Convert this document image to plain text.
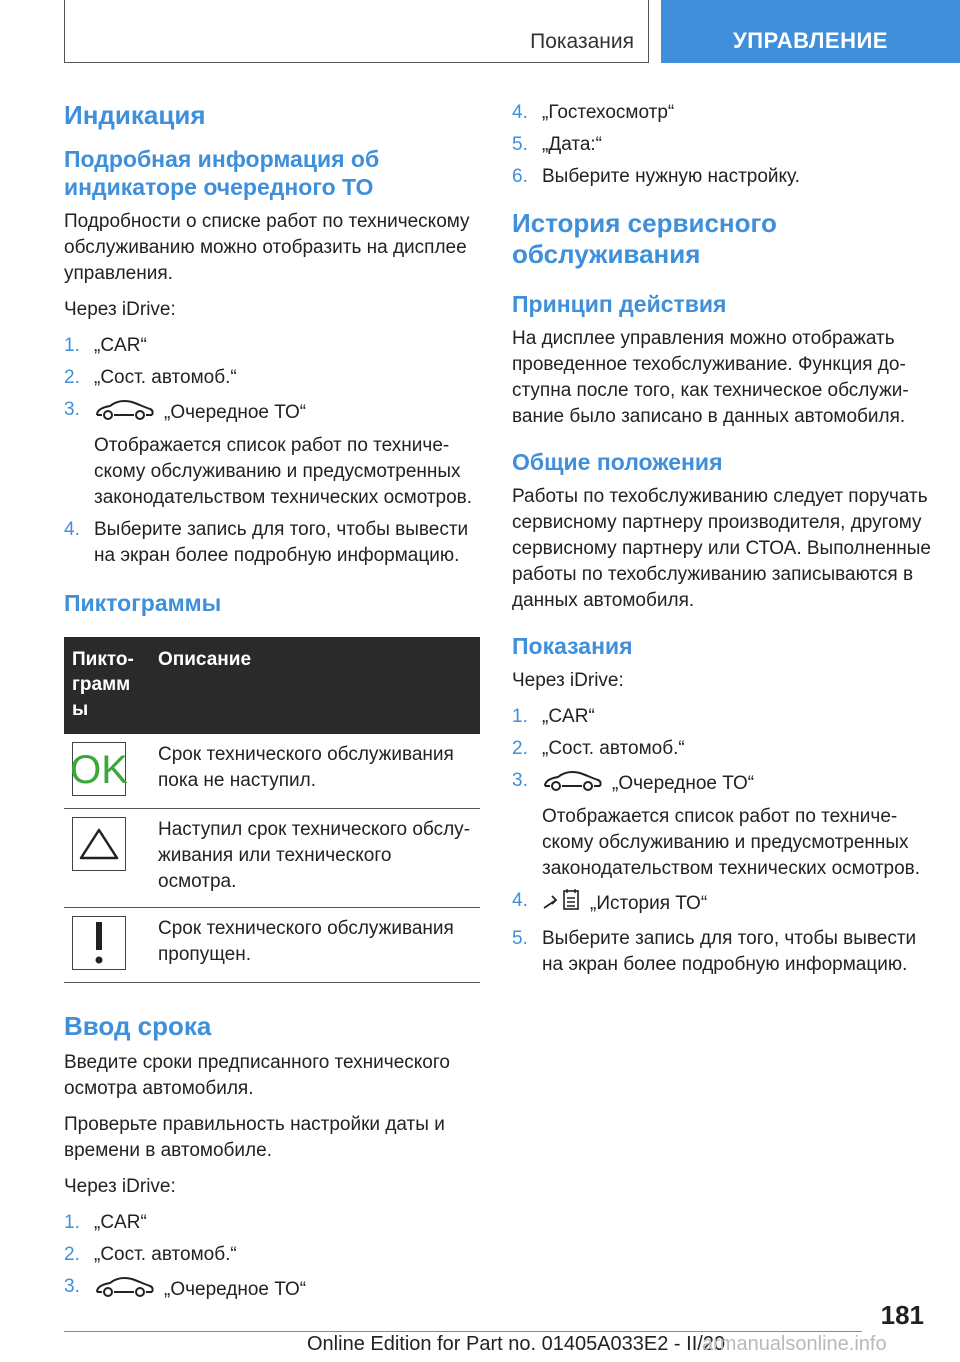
Показания	УПРАВЛЕНИЕ
Индикация
Подробная информация об индикаторе очередного ТО

Подробности о списке работ по техническому обслуживанию можно отобразить на дисплее управления.

Через iDrive:

1. „CAR“
2. „Сост. автомоб.“
3.	„Очередное ТО“
Отображается список работ по техническому обслуживанию и предусмотренных законодательством технических осмотров.
4. Выберите запись для того, чтобы вывести на экран более подробную информацию.
Пиктограммы
Пиктограмм ы	Описание

OK	Срок технического обслуживания пока не наступил.

	Наступил срок технического обслуживания или технического осмотра.

	Срок технического обслуживания пропущен.
Ввод срока

Введите сроки предписанного технического осмотра автомобиля.

Проверьте правильность настройки даты и времени в автомобиле.

Через iDrive:

1. „CAR“
2. „Сост. автомоб.“
3.	„Очередное ТО“
4. „Гостехосмотр“
5. „Дата:“
6. Выберите нужную настройку.
История сервисного обслуживания
Принцип действия

На дисплее управления можно отображать проведенное техобслуживание. Функция доступна после того, как техническое обслуживание было записано в данных автомобиля.

Общие положения

Работы по техобслуживанию следует поручать сервисному партнеру производителя, другому сервисному партнеру или СТОА. Выполненные работы по техобслуживанию записываются в данных автомобиля.

Показания

Через iDrive:

1. „CAR“
2. „Сост. автомоб.“
3.	„Очередное ТО“
Отображается список работ по техническому обслуживанию и предусмотренных законодательством технических осмотров.
4.	„История ТО“
5. Выберите запись для того, чтобы вывести на экран более подробную информацию.
181
Online Edition for Part no. 01405A033E2 - II/20
armanualsonline.info
